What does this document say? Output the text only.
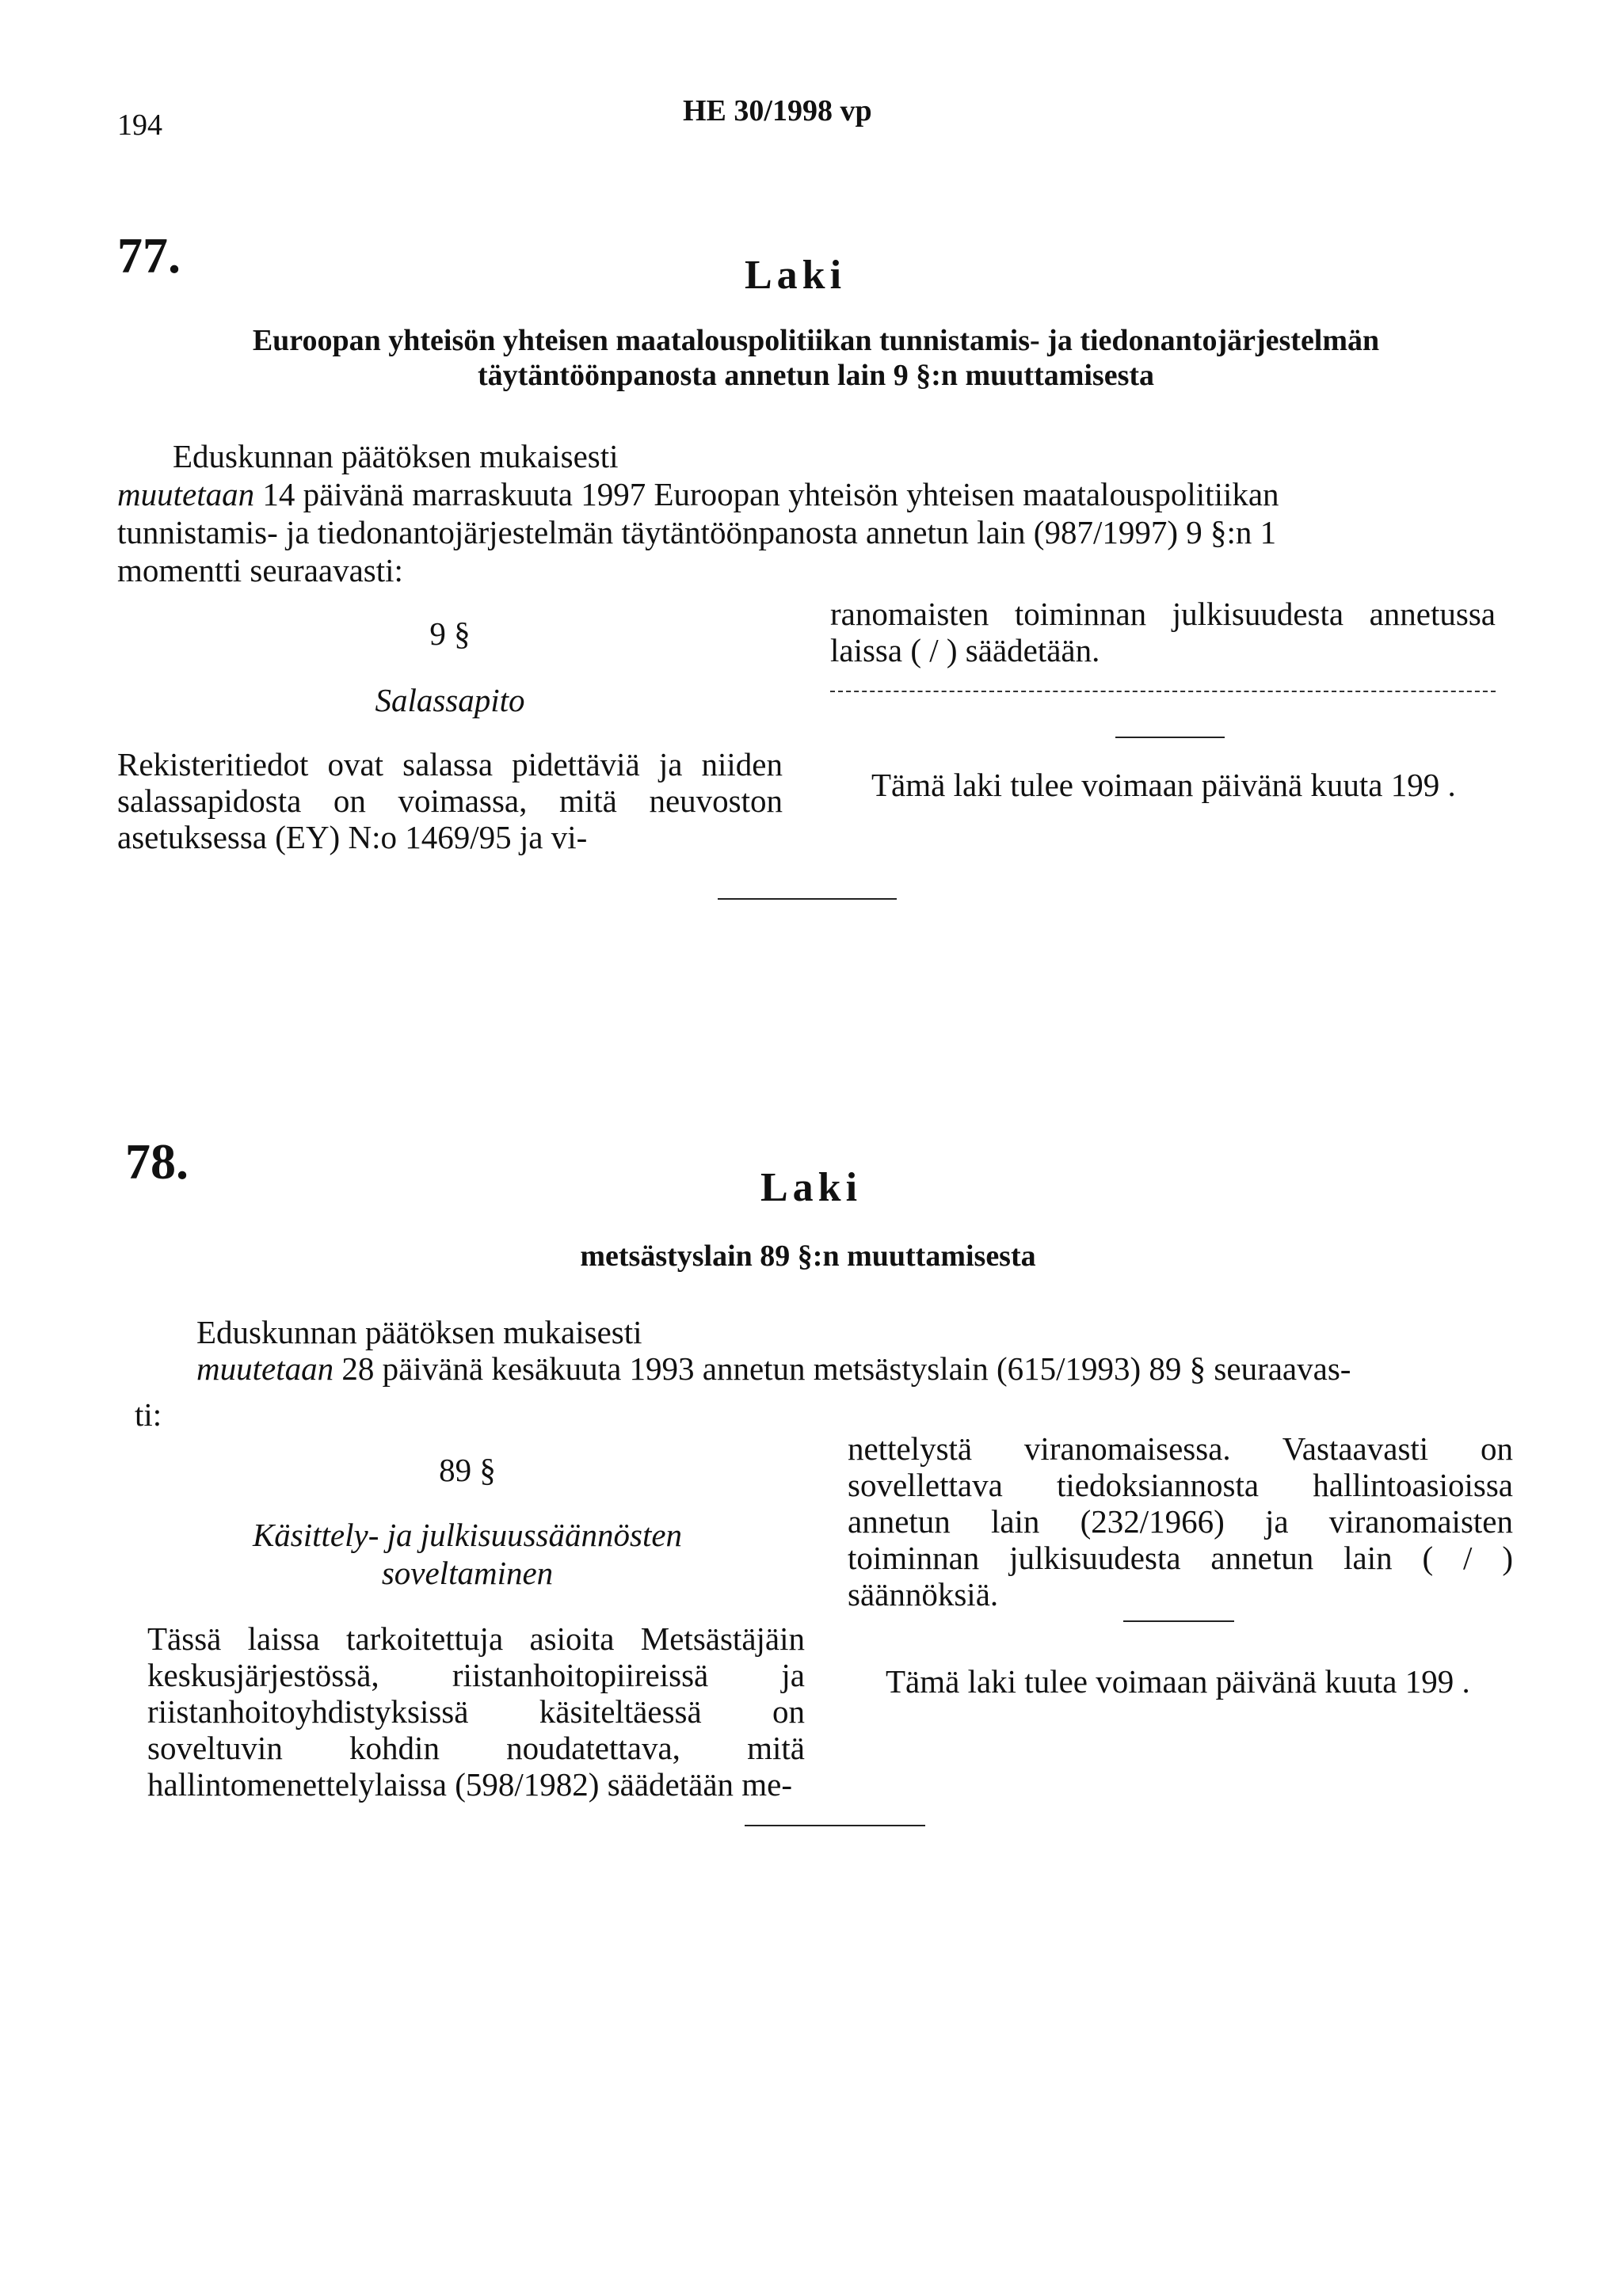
194	HE 30/1998 vp
77.	Laki
Euroopan yhteisön yhteisen maatalouspolitiikan tunnistamis- ja tiedonantojärjestelmän
täytäntöönpanosta annetun lain 9 §:n muuttamisesta
Eduskunnan päätöksen mukaisesti
muutetaan 14 päivänä marraskuuta 1997 Euroopan yhteisön yhteisen maatalouspolitiikan
tunnistamis- ja tiedonantojärjestelmän täytäntöönpanosta annetun lain (987/1997) 9 §:n 1
momentti seuraavasti:
9 §
Salassapito
Rekisteritiedot ovat salassa pidettäviä ja niiden salassapidosta on voimassa, mitä neuvoston asetuksessa (EY) N:o 1469/95 ja vi-
ranomaisten toiminnan julkisuudesta annetussa laissa ( / ) säädetään.
Tämä laki tulee voimaan päivänä kuuta 199 .
78.	Laki
metsästyslain 89 §:n muuttamisesta
Eduskunnan päätöksen mukaisesti
muutetaan 28 päivänä kesäkuuta 1993 annetun metsästyslain (615/1993) 89 § seuraavas-
ti:
89 §
Käsittely- ja julkisuussäännösten
soveltaminen
Tässä laissa tarkoitettuja asioita Metsästäjäin keskusjärjestössä, riistanhoitopiireissä ja riistanhoitoyhdistyksissä käsiteltäessä on soveltuvin kohdin noudatettava, mitä hallintomenettelylaissa (598/1982) säädetään me-
nettelystä viranomaisessa. Vastaavasti on sovellettava tiedoksiannosta hallintoasioissa annetun lain (232/1966) ja viranomaisten toiminnan julkisuudesta annetun lain ( / ) säännöksiä.
Tämä laki tulee voimaan päivänä kuuta 199 .
